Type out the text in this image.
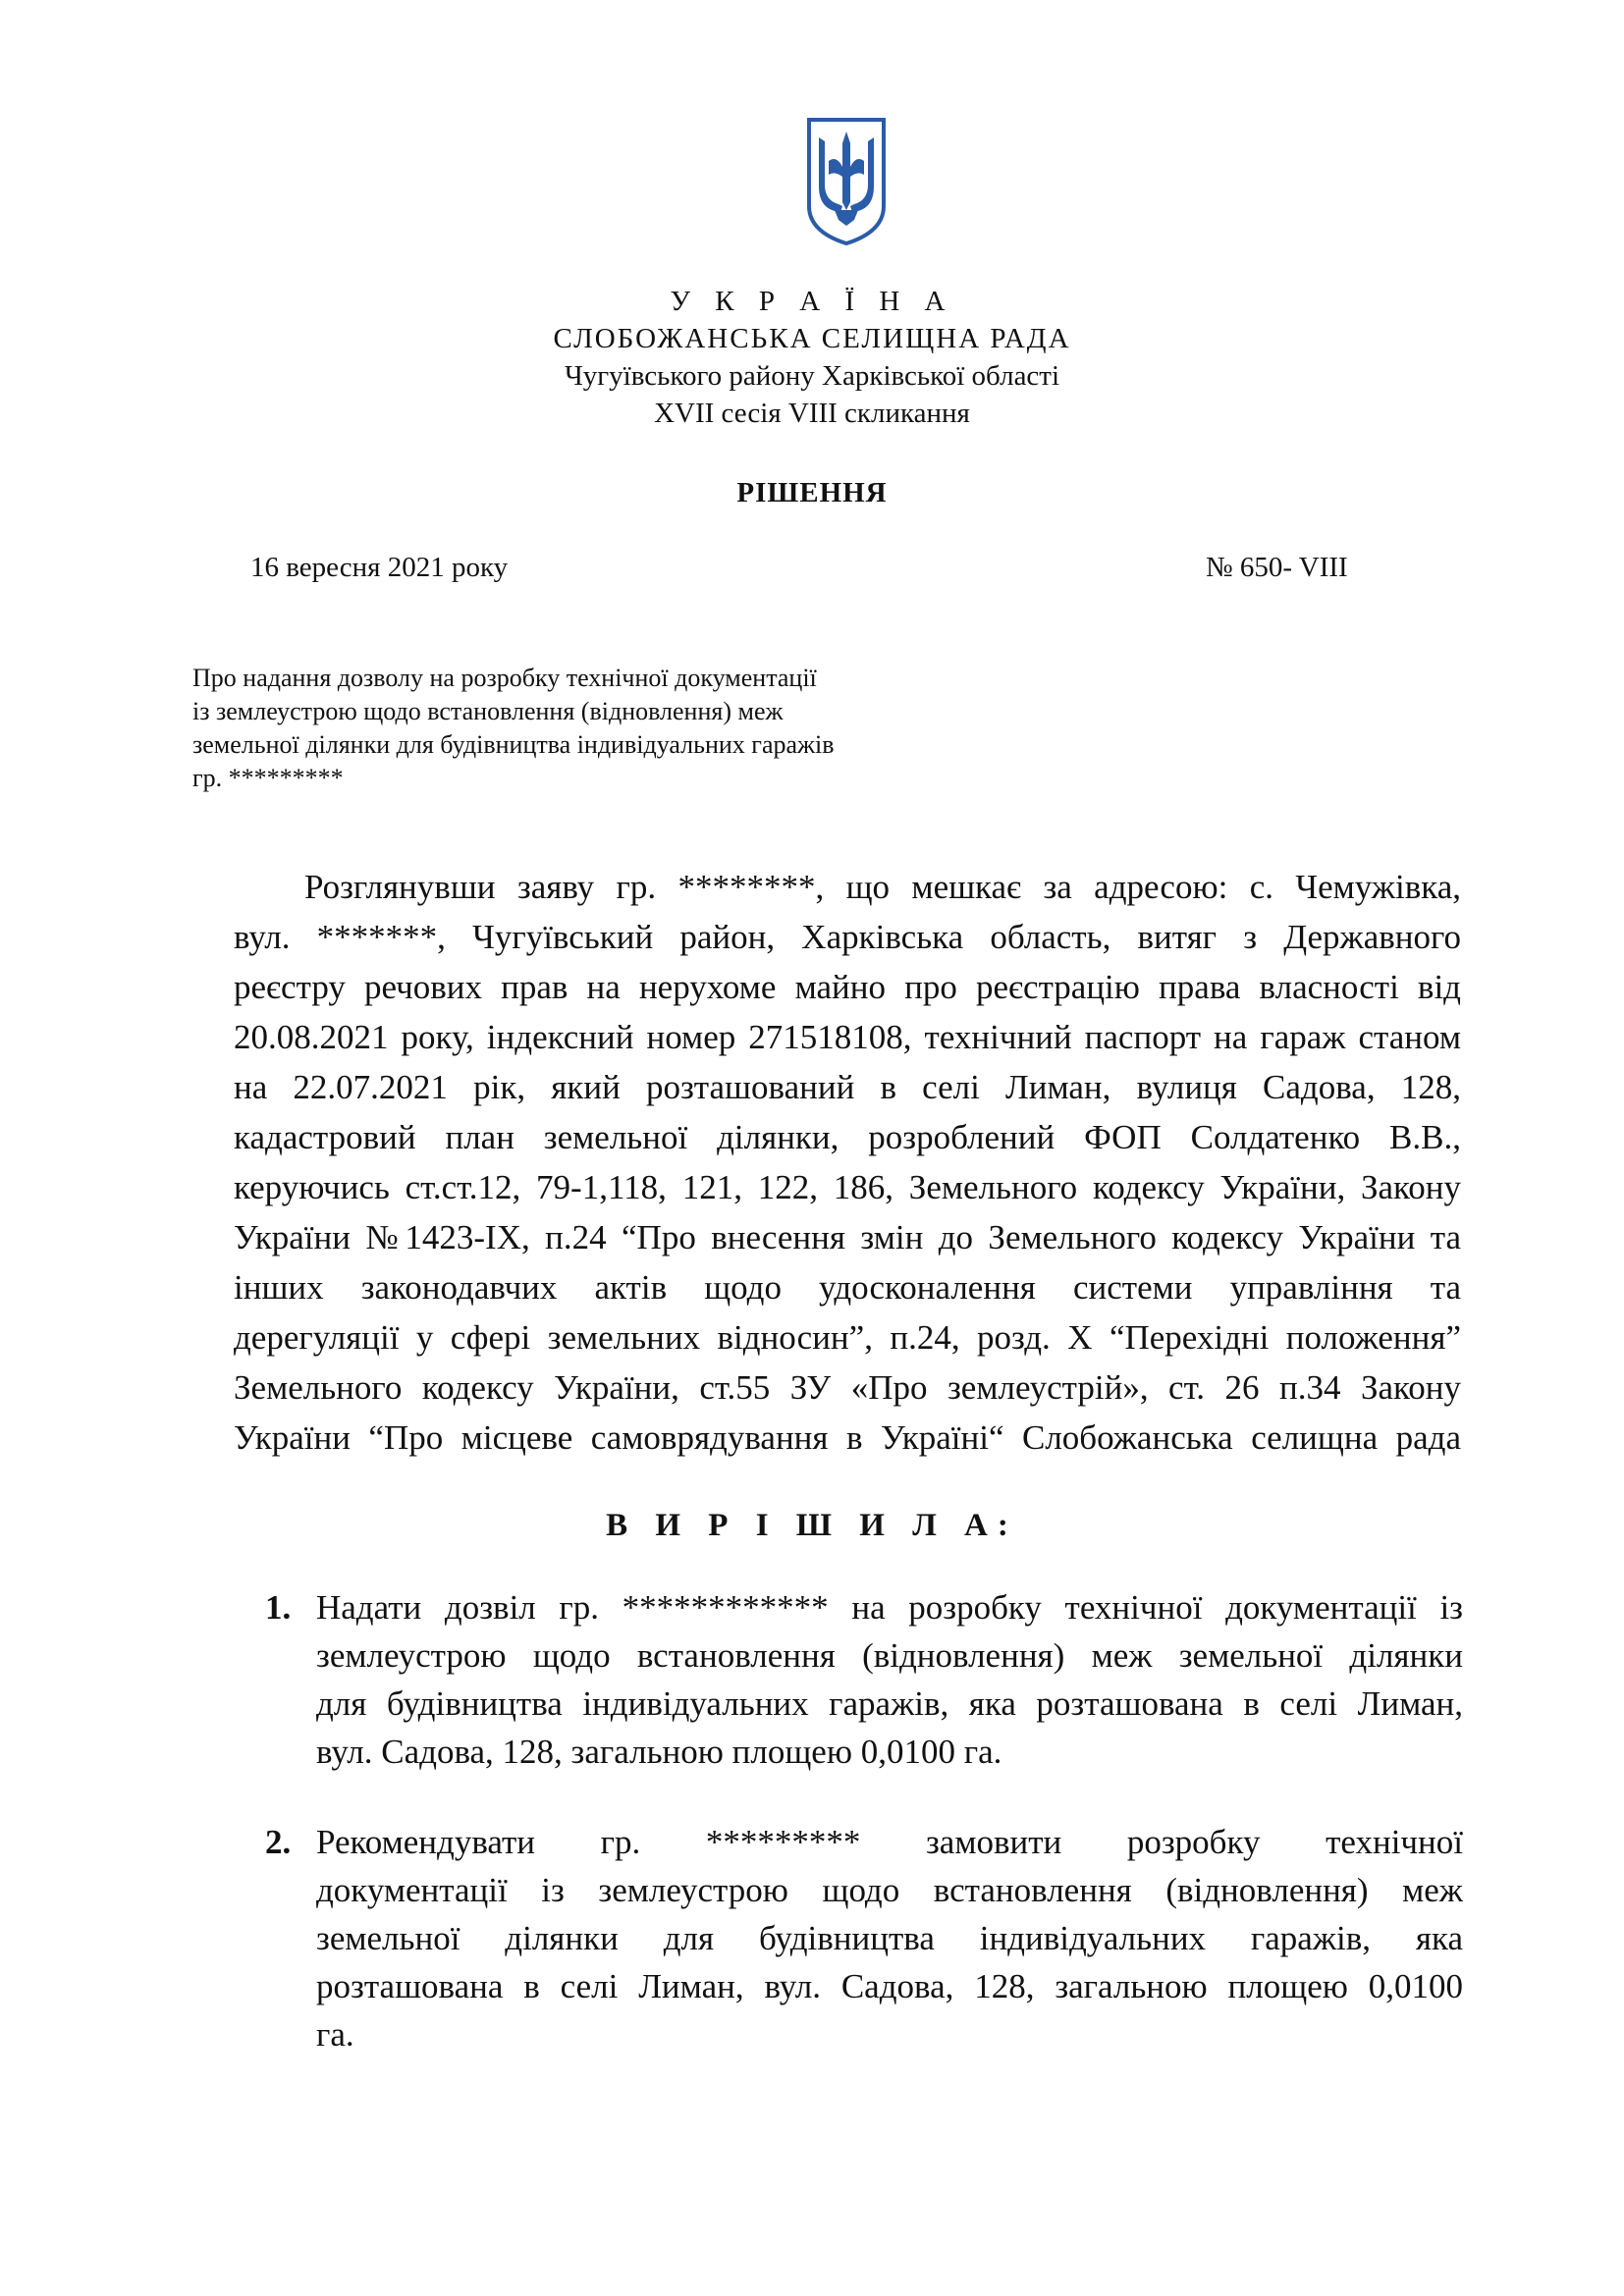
У К Р А Ї Н А
СЛОБОЖАНСЬКА СЕЛИЩНА РАДА
Чугуївського району Харківської області
XVII сесія VIII скликання
РІШЕННЯ
16 вересня 2021 року	№ 650- VIII
Про надання дозволу на розробку технічної документації
із землеустрою щодо встановлення (відновлення) меж
земельної ділянки для будівництва індивідуальних гаражів
гр. *********
Розглянувши заяву гр. ********, що мешкає за адресою: с. Чемужівка,
вул. *******, Чугуївський район, Харківська область, витяг з Державного
реєстру речових прав на нерухоме майно про реєстрацію права власності від
20.08.2021 року, індексний номер 271518108, технічний паспорт на гараж станом
на 22.07.2021 рік, який розташований в селі Лиман, вулиця Садова, 128,
кадастровий план земельної ділянки, розроблений ФОП Солдатенко В.В.,
керуючись ст.ст.12, 79-1,118, 121, 122, 186, Земельного кодексу України, Закону
України №1423-IX, п.24 “Про внесення змін до Земельного кодексу України та
інших законодавчих актів щодо удосконалення системи управління та
дерегуляції у сфері земельних відносин”, п.24, розд. X “Перехідні положення”
Земельного кодексу України, ст.55 ЗУ «Про землеустрій», ст. 26 п.34 Закону
України “Про місцеве самоврядування в Україні“ Слобожанська селищна рада
В И Р І Ш И Л А:
1. Надати дозвіл гр. ************ на розробку технічної документації із
землеустрою щодо встановлення (відновлення) меж земельної ділянки
для будівництва індивідуальних гаражів, яка розташована в селі Лиман,
вул. Садова, 128, загальною площею 0,0100 га.
2. Рекомендувати гр. ********* замовити розробку технічної
документації із землеустрою щодо встановлення (відновлення) меж
земельної ділянки для будівництва індивідуальних гаражів, яка
розташована в селі Лиман, вул. Садова, 128, загальною площею 0,0100
га.
